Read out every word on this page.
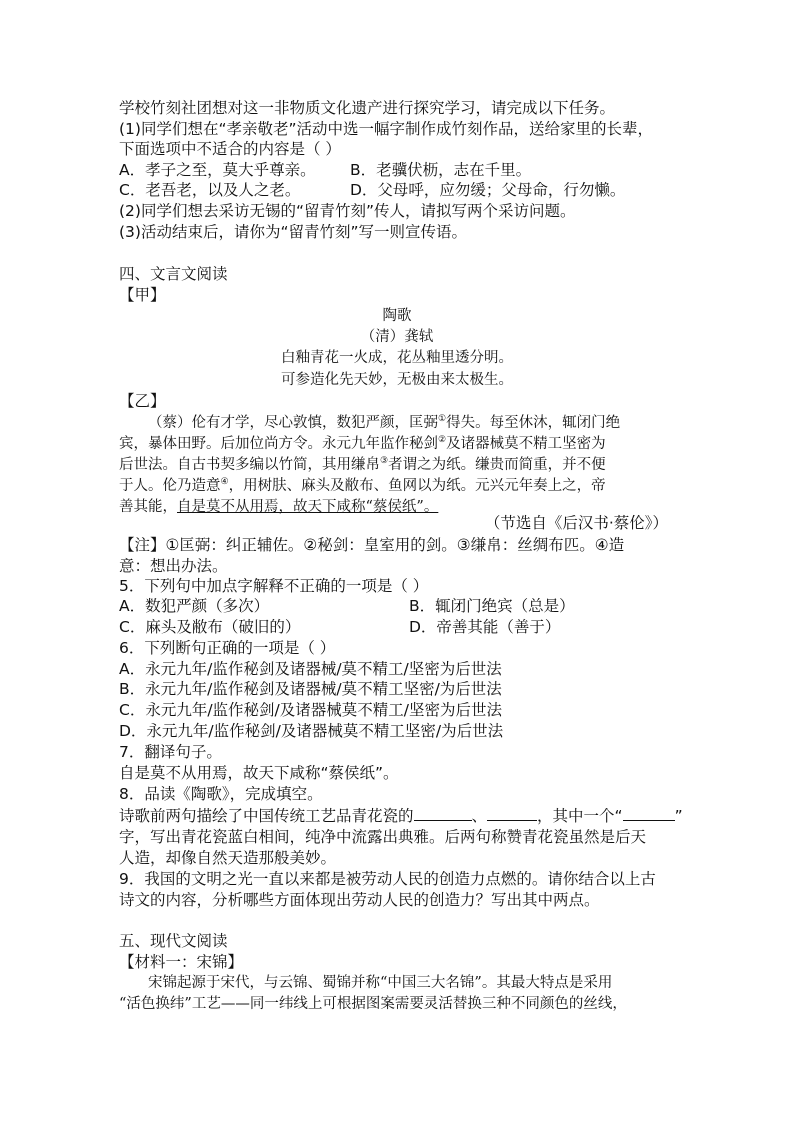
学校竹刻社团想对这一非物质文化遗产进行探究学习，请完成以下任务。
(1)同学们想在“孝亲敬老”活动中选一幅字制作成竹刻作品，送给家里的长辈，
下面选项中不适合的内容是（ ）
A．孝子之至，莫大乎尊亲。 B．老骥伏枥，志在千里。
C．老吾老，以及人之老。	D．父母呼，应勿缓；父母命，行勿懒。
(2)同学们想去采访无锡的“留青竹刻”传人，请拟写两个采访问题。
(3)活动结束后，请你为“留青竹刻”写一则宣传语。
四、文言文阅读
【甲】
陶歌
（清）龚轼
白釉青花一火成，花丛釉里透分明。
可参造化先天妙，无极由来太极生。
【乙】
（蔡）伦有才学，尽心敦慎，数犯严颜，匡弼①得失。每至休沐，辄闭门绝
宾，暴体田野。后加位尚方令。永元九年监作秘剑②及诸器械莫不精工坚密为
后世法。自古书契多编以竹简，其用缣帛③者谓之为纸。缣贵而简重，并不便
于人。伦乃造意④，用树肤、麻头及敝布、鱼网以为纸。元兴元年奏上之，帝
善其能，自是莫不从用焉，故天下咸称“蔡侯纸”。
（节选自《后汉书·蔡伦》）
【注】①匡弼：纠正辅佐。②秘剑：皇室用的剑。③缣帛：丝绸布匹。④造
意：想出办法。
5．下列句中加点字解释不正确的一项是（ ）
A．数犯严颜（多次）	B．辄闭门绝宾（总是）
C．麻头及敝布（破旧的）	D．帝善其能（善于）
6．下列断句正确的一项是（ ）
A．永元九年/监作秘剑及诸器械/莫不精工/坚密为后世法
B．永元九年/监作秘剑及诸器械/莫不精工坚密/为后世法
C．永元九年/监作秘剑/及诸器械莫不精工/坚密为后世法
D．永元九年/监作秘剑/及诸器械莫不精工坚密/为后世法
7．翻译句子。
自是莫不从用焉，故天下咸称“蔡侯纸”。
8．品读《陶歌》，完成填空。
诗歌前两句描绘了中国传统工艺品青花瓷的	、	，其中一个“	”
字，写出青花瓷蓝白相间，纯净中流露出典雅。后两句称赞青花瓷虽然是后天
人造，却像自然天造那般美妙。
9．我国的文明之光一直以来都是被劳动人民的创造力点燃的。请你结合以上古
诗文的内容，分析哪些方面体现出劳动人民的创造力？写出其中两点。
五、现代文阅读
【材料一：宋锦】
宋锦起源于宋代，与云锦、蜀锦并称“中国三大名锦”。其最大特点是采用
“活色换纬”工艺——同一纬线上可根据图案需要灵活替换三种不同颜色的丝线，
